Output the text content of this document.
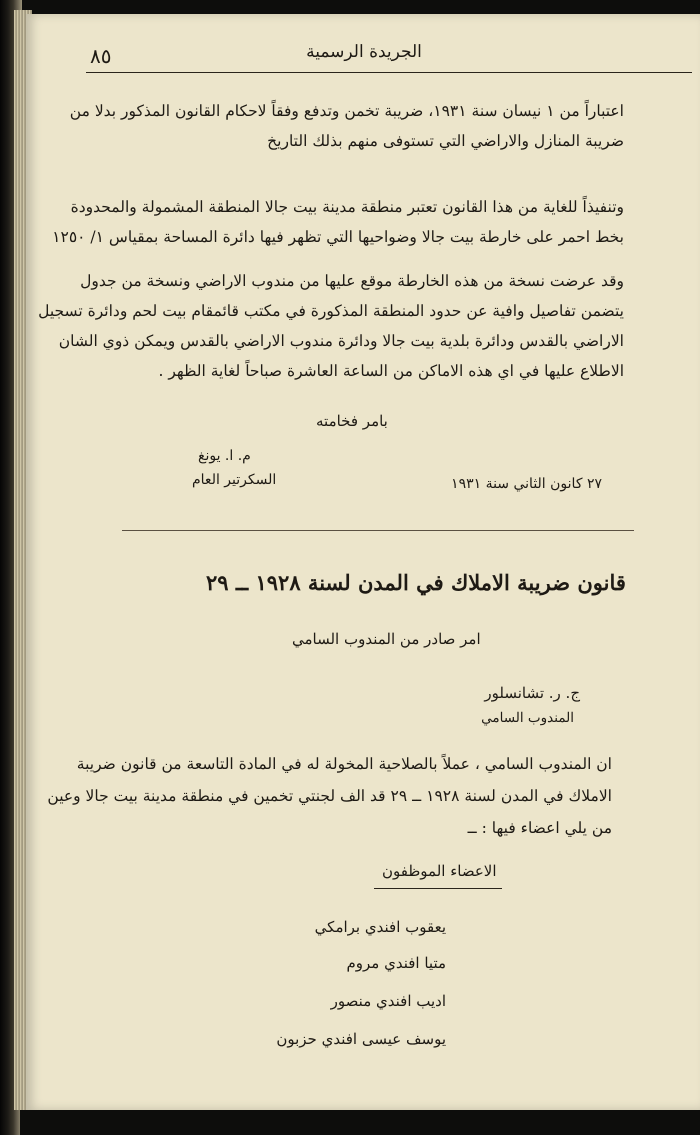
٨٥	الجريدة الرسمية
اعتباراً من ١ نيسان سنة ١٩٣١، ضريبة تخمن وتدفع وفقاً لاحكام القانون المذكور بدلا من
ضريبة المنازل والاراضي التي تستوفى منهم بذلك التاريخ
وتنفيذاً للغاية من هذا القانون تعتبر منطقة مدينة بيت جالا المنطقة المشمولة والمحدودة
بخط احمر على خارطة بيت جالا وضواحيها التي تظهر فيها دائرة المساحة بمقياس ١/ ١٢٥٠
وقد عرضت نسخة من هذه الخارطة موقع عليها من مندوب الاراضي ونسخة من جدول
يتضمن تفاصيل وافية عن حدود المنطقة المذكورة في مكتب قائمقام بيت لحم ودائرة تسجيل
الاراضي بالقدس ودائرة بلدية بيت جالا ودائرة مندوب الاراضي بالقدس ويمكن ذوي الشان
الاطلاع عليها في اي هذه الاماكن من الساعة العاشرة صباحاً لغاية الظهر .
بامر فخامته
م. ا. يونغ
السكرتير العام	٢٧ كانون الثاني سنة ١٩٣١
قانون ضريبة الاملاك في المدن لسنة ١٩٢٨ ــ ٢٩
امر صادر من المندوب السامي
ج. ر. تشانسلور
المندوب السامي
ان المندوب السامي ، عملاً بالصلاحية المخولة له في المادة التاسعة من قانون ضريبة
الاملاك في المدن لسنة ١٩٢٨ ــ ٢٩ قد الف لجنتي تخمين في منطقة مدينة بيت جالا وعين
من يلي اعضاء فيها : ــ
الاعضاء الموظفون
يعقوب افندي برامكي
متيا افندي مروم
اديب افندي منصور
يوسف عيسى افندي حزبون
